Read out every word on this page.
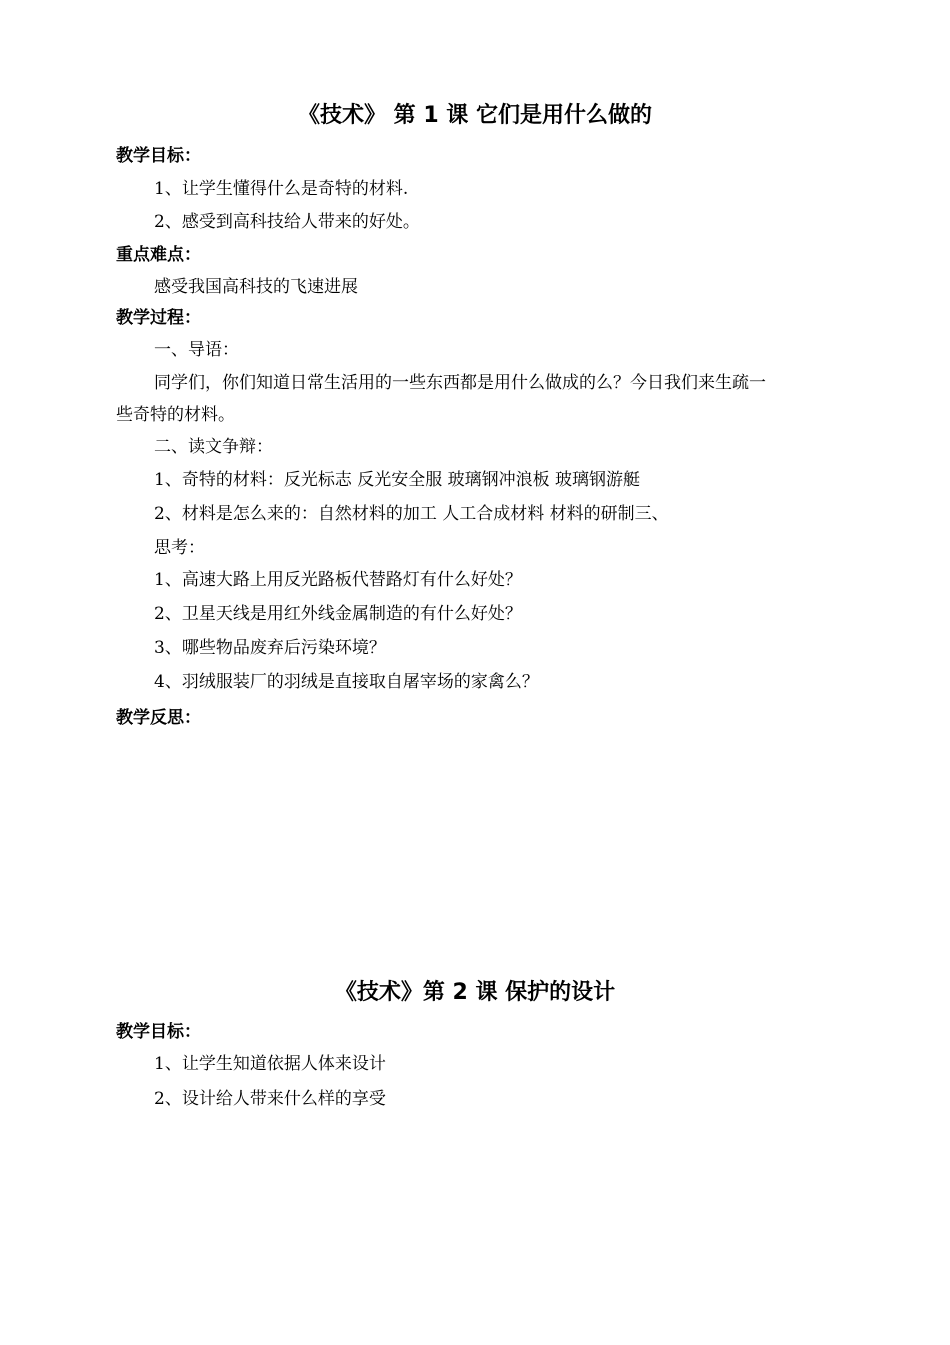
《技术》 第 1 课 它们是用什么做的
教学目标：
1、让学生懂得什么是奇特的材料.
2、感受到高科技给人带来的好处。
重点难点：
感受我国高科技的飞速进展
教学过程：
一、导语：
同学们，你们知道日常生活用的一些东西都是用什么做成的么？今日我们来生疏一
些奇特的材料。
二、读文争辩：
1、奇特的材料：反光标志 反光安全服 玻璃钢冲浪板 玻璃钢游艇
2、材料是怎么来的：自然材料的加工 人工合成材料 材料的研制三、
思考：
1、高速大路上用反光路板代替路灯有什么好处？
2、卫星天线是用红外线金属制造的有什么好处？
3、哪些物品废弃后污染环境？
4、羽绒服装厂的羽绒是直接取自屠宰场的家禽么？
教学反思：
《技术》第 2 课 保护的设计
教学目标：
1、让学生知道依据人体来设计
2、设计给人带来什么样的享受
